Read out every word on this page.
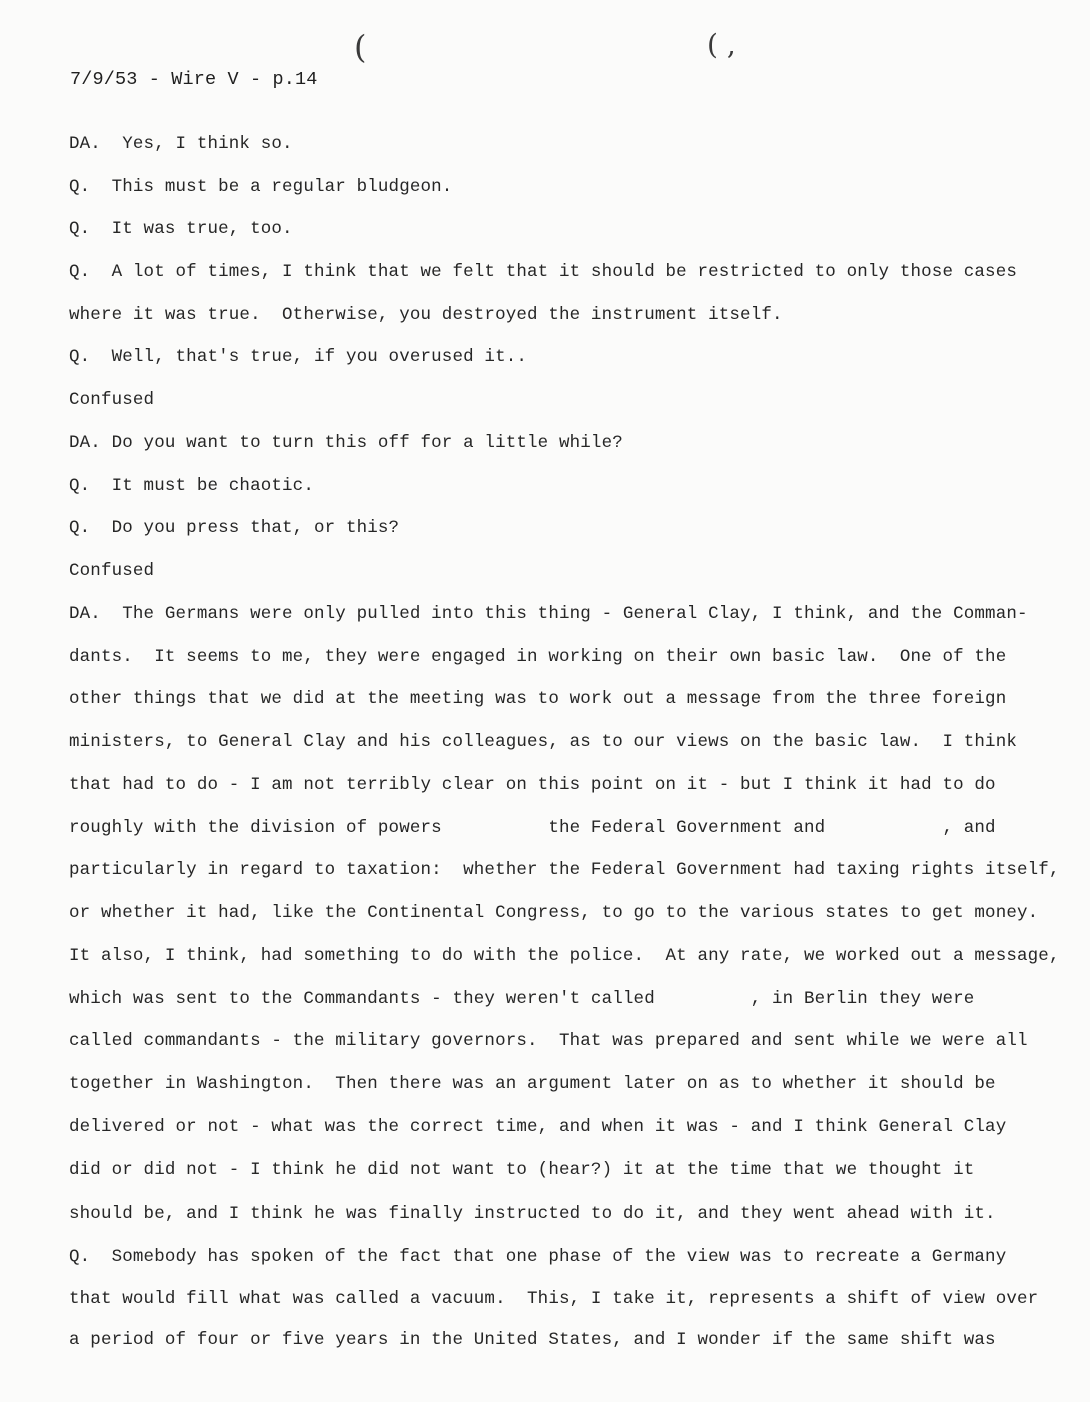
(	( ,
7/9/53 - Wire V - p.14
DA.  Yes, I think so.
Q.  This must be a regular bludgeon.
Q.  It was true, too.
Q.  A lot of times, I think that we felt that it should be restricted to only those cases
where it was true.  Otherwise, you destroyed the instrument itself.
Q.  Well, that's true, if you overused it..
Confused
DA. Do you want to turn this off for a little while?
Q.  It must be chaotic.
Q.  Do you press that, or this?
Confused
DA.  The Germans were only pulled into this thing - General Clay, I think, and the Comman-
dants.  It seems to me, they were engaged in working on their own basic law.  One of the
other things that we did at the meeting was to work out a message from the three foreign
ministers, to General Clay and his colleagues, as to our views on the basic law.  I think
that had to do - I am not terribly clear on this point on it - but I think it had to do
roughly with the division of powers          the Federal Government and           , and
particularly in regard to taxation:  whether the Federal Government had taxing rights itself,
or whether it had, like the Continental Congress, to go to the various states to get money.
It also, I think, had something to do with the police.  At any rate, we worked out a message,
which was sent to the Commandants - they weren't called         , in Berlin they were
called commandants - the military governors.  That was prepared and sent while we were all
together in Washington.  Then there was an argument later on as to whether it should be
delivered or not - what was the correct time, and when it was - and I think General Clay
did or did not - I think he did not want to (hear?) it at the time that we thought it
should be, and I think he was finally instructed to do it, and they went ahead with it.
Q.  Somebody has spoken of the fact that one phase of the view was to recreate a Germany
that would fill what was called a vacuum.  This, I take it, represents a shift of view over
a period of four or five years in the United States, and I wonder if the same shift was
